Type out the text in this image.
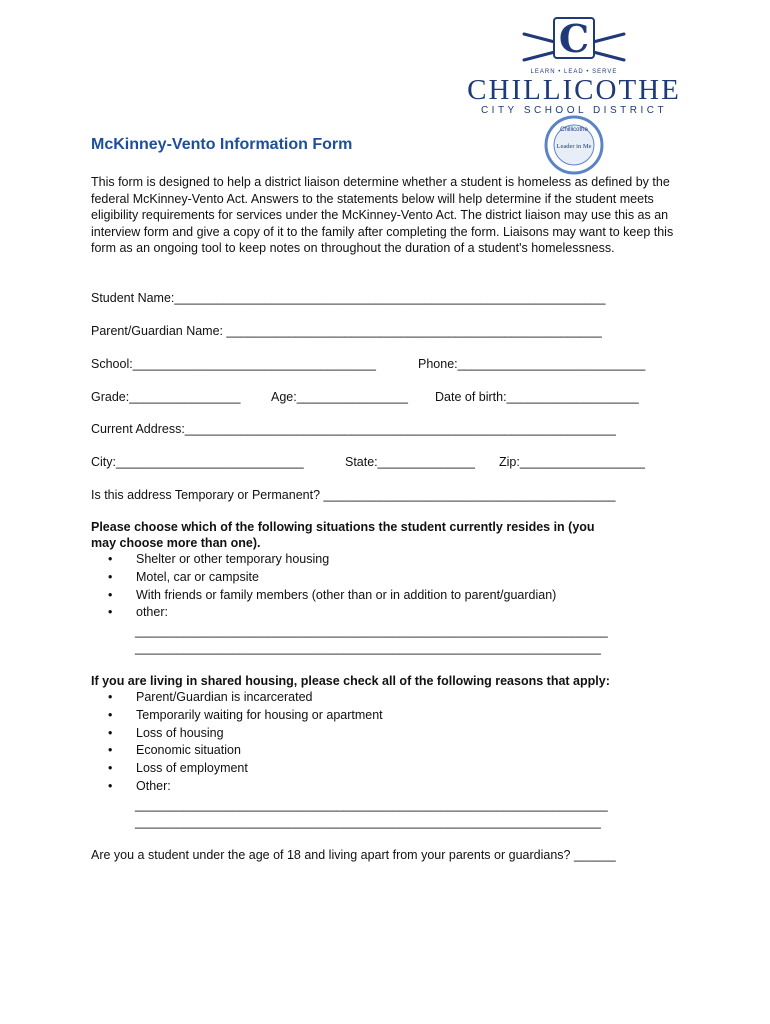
C
LEARN • LEAD • SERVE
CHILLICOTHE
CITY SCHOOL DISTRICT
Chillicothe
Leader in Me
McKinney-Vento Information Form
This form is designed to help a district liaison determine whether a student is homeless as defined by the federal McKinney-Vento Act. Answers to the statements below will help determine if the student meets eligibility requirements for services under the McKinney-Vento Act. The district liaison may use this as an interview form and give a copy of it to the family after completing the form. Liaisons may want to keep this form as an ongoing tool to keep notes on throughout the duration of a student's homelessness.
Student Name:______________________________________________________________
Parent/Guardian Name: ______________________________________________________
School:___________________________________	Phone:___________________________
Grade:________________ Age:________________ Date of birth:___________________
Current Address:______________________________________________________________
City:___________________________	State:______________ Zip:__________________
Is this address Temporary or Permanent? __________________________________________
Please choose which of the following situations the student currently resides in (you
may choose more than one).
• Shelter or other temporary housing
• Motel, car or campsite
• With friends or family members (other than or in addition to parent/guardian)
• other:
____________________________________________________________________
___________________________________________________________________
If you are living in shared housing, please check all of the following reasons that apply:
• Parent/Guardian is incarcerated
• Temporarily waiting for housing or apartment
• Loss of housing
• Economic situation
• Loss of employment
• Other:
____________________________________________________________________
___________________________________________________________________
Are you a student under the age of 18 and living apart from your parents or guardians? ______
